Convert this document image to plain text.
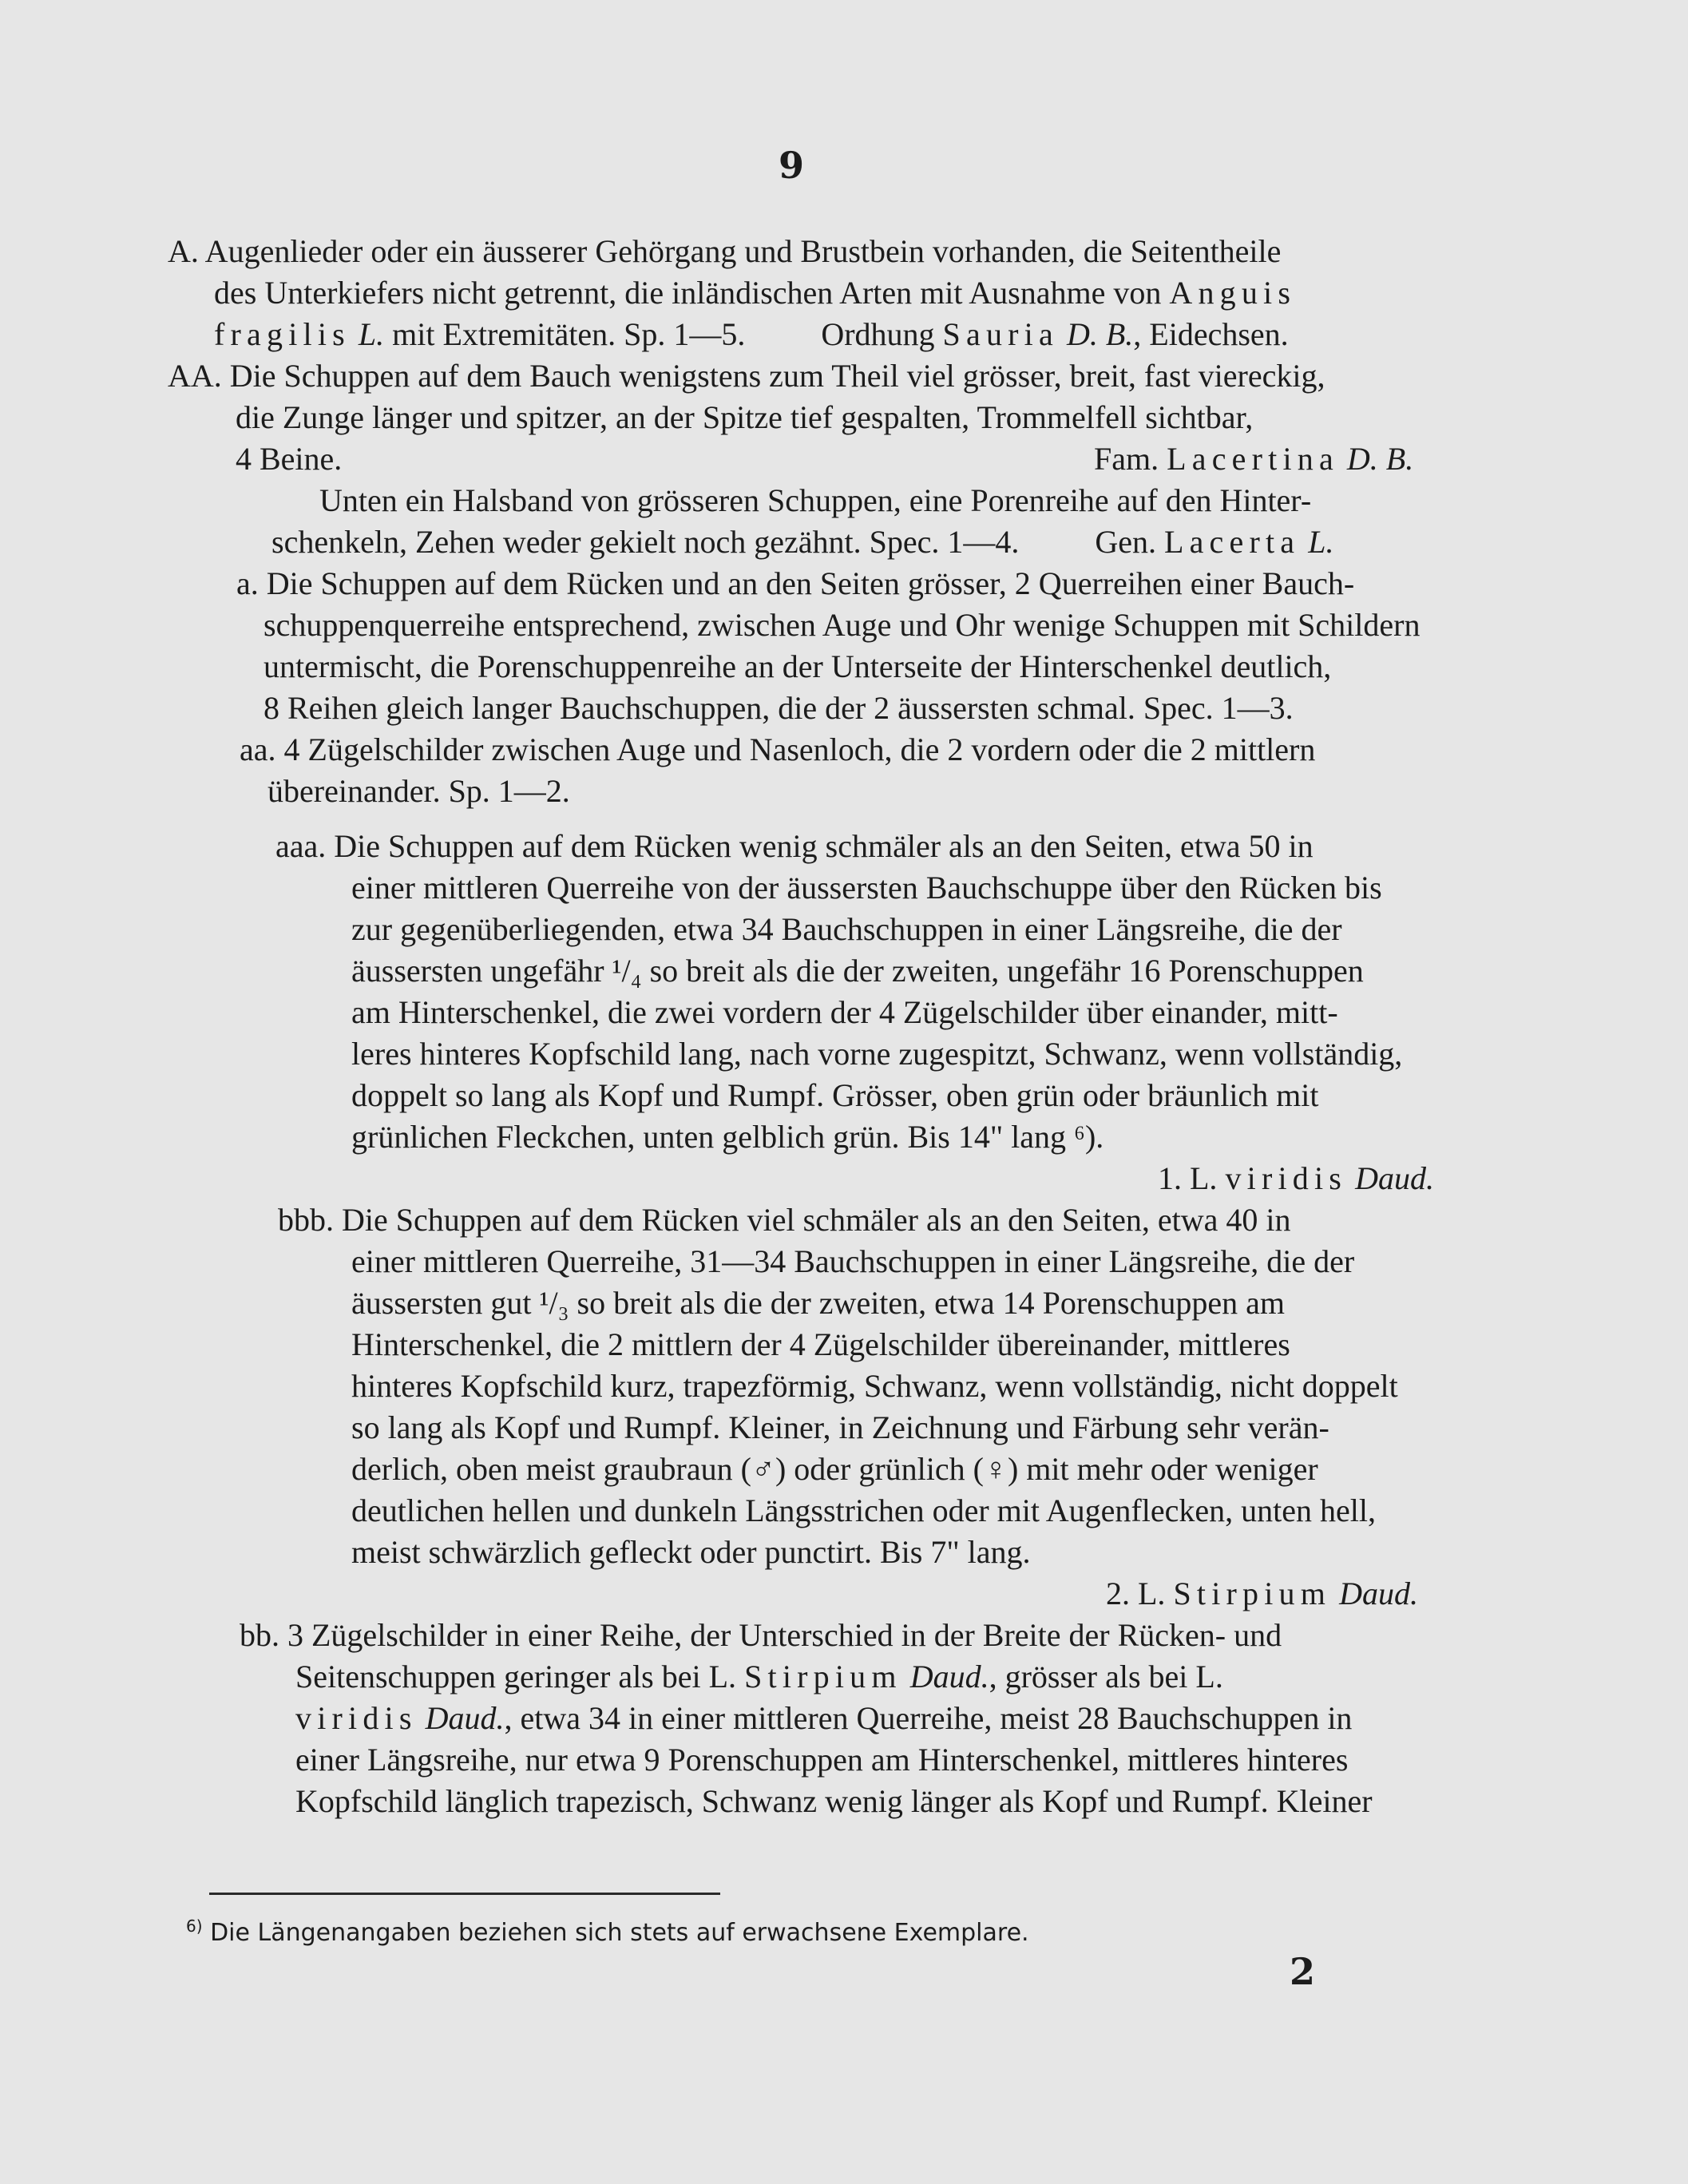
9
A. Augenlieder oder ein äusserer Gehörgang und Brustbein vorhanden, die Seitentheile
des Unterkiefers nicht getrennt, die inländischen Arten mit Ausnahme von Anguis
fragilis L. mit Extremitäten. Sp. 1—5. Ordhung Sauria D. B., Eidechsen.
AA. Die Schuppen auf dem Bauch wenigstens zum Theil viel grösser, breit, fast viereckig,
die Zunge länger und spitzer, an der Spitze tief gespalten, Trommelfell sichtbar,
4 Beine.	Fam. Lacertina D. B.
Unten ein Halsband von grösseren Schuppen, eine Porenreihe auf den Hinter-
schenkeln, Zehen weder gekielt noch gezähnt. Spec. 1—4. Gen. Lacerta L.
a. Die Schuppen auf dem Rücken und an den Seiten grösser, 2 Querreihen einer Bauch-
schuppenquerreihe entsprechend, zwischen Auge und Ohr wenige Schuppen mit Schildern
untermischt, die Porenschuppenreihe an der Unterseite der Hinterschenkel deutlich,
8 Reihen gleich langer Bauchschuppen, die der 2 äussersten schmal. Spec. 1—3.
aa. 4 Zügelschilder zwischen Auge und Nasenloch, die 2 vordern oder die 2 mittlern
übereinander. Sp. 1—2.
aaa. Die Schuppen auf dem Rücken wenig schmäler als an den Seiten, etwa 50 in
einer mittleren Querreihe von der äussersten Bauchschuppe über den Rücken bis
zur gegenüberliegenden, etwa 34 Bauchschuppen in einer Längsreihe, die der
äussersten ungefähr ¹/₄ so breit als die der zweiten, ungefähr 16 Porenschuppen
am Hinterschenkel, die zwei vordern der 4 Zügelschilder über einander, mitt-
leres hinteres Kopfschild lang, nach vorne zugespitzt, Schwanz, wenn vollständig,
doppelt so lang als Kopf und Rumpf. Grösser, oben grün oder bräunlich mit
grünlichen Fleckchen, unten gelblich grün. Bis 14" lang ⁶).
1. L. viridis Daud.
bbb. Die Schuppen auf dem Rücken viel schmäler als an den Seiten, etwa 40 in
einer mittleren Querreihe, 31—34 Bauchschuppen in einer Längsreihe, die der
äussersten gut ¹/₃ so breit als die der zweiten, etwa 14 Porenschuppen am
Hinterschenkel, die 2 mittlern der 4 Zügelschilder übereinander, mittleres
hinteres Kopfschild kurz, trapezförmig, Schwanz, wenn vollständig, nicht doppelt
so lang als Kopf und Rumpf. Kleiner, in Zeichnung und Färbung sehr verän-
derlich, oben meist graubraun (♂) oder grünlich (♀) mit mehr oder weniger
deutlichen hellen und dunkeln Längsstrichen oder mit Augenflecken, unten hell,
meist schwärzlich gefleckt oder punctirt. Bis 7" lang.
2. L. Stirpium Daud.
bb. 3 Zügelschilder in einer Reihe, der Unterschied in der Breite der Rücken- und
Seitenschuppen geringer als bei L. Stirpium Daud., grösser als bei L.
viridis Daud., etwa 34 in einer mittleren Querreihe, meist 28 Bauchschuppen in
einer Längsreihe, nur etwa 9 Porenschuppen am Hinterschenkel, mittleres hinteres
Kopfschild länglich trapezisch, Schwanz wenig länger als Kopf und Rumpf. Kleiner
$^{6)}$ Die Längenangaben beziehen sich stets auf erwachsene Exemplare.
2
